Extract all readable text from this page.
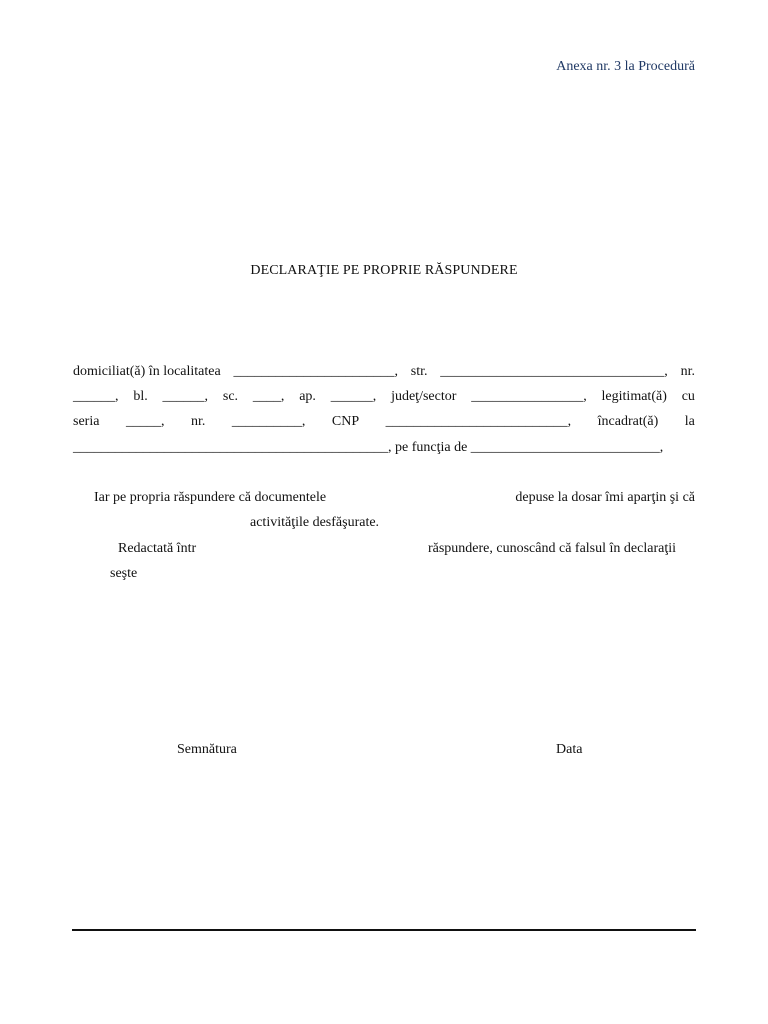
Anexa nr. 3 la Procedură
DECLARAŢIE PE PROPRIE RĂSPUNDERE
domiciliat(ă) în localitatea _______________________, str. ________________________________, nr.
______, bl. ______, sc. ____, ap. ______, judeţ/sector ________________, legitimat(ă) cu
seria _____, nr. __________, CNP __________________________, încadrat(ă) la
_____________________________________________, pe funcţia de ___________________________,
Iar pe propria răspundere că documentele	depuse la dosar îmi aparţin şi că
activităţile desfăşurate.
Redactată într	răspundere, cunoscând că falsul în declaraţii
seşte
Semnătura	Data
